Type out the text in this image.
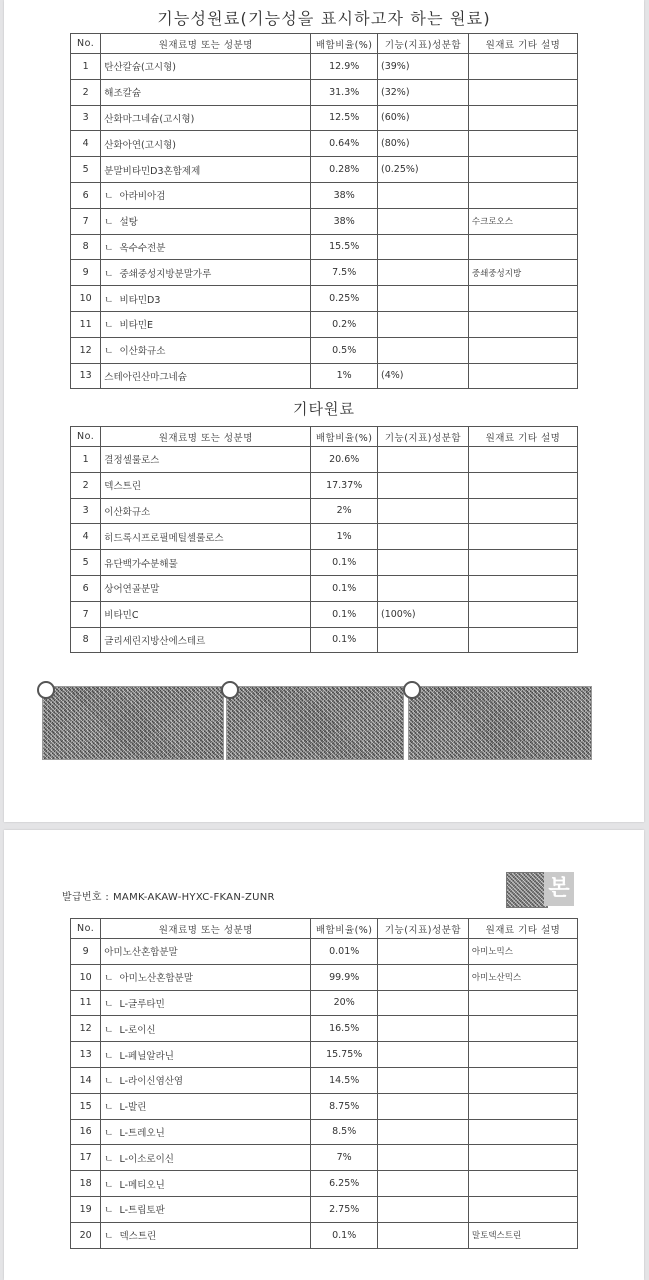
기능성원료(기능성을 표시하고자 하는 원료)
No.	원재료명 또는 성분명	배합비율(%)	기능(지표)성분함	원재료 기타 설명
1	탄산칼슘(고시형)	12.9%	(39%)	
2	해조칼슘	31.3%	(32%)	
3	산화마그네슘(고시형)	12.5%	(60%)	
4	산화아연(고시형)	0.64%	(80%)	
5	분말비타민D3혼합제제	0.28%	(0.25%)	
6	ㄴ 아라비아검	38%		
7	ㄴ 설탕	38%		수크로오스
8	ㄴ 옥수수전분	15.5%		
9	ㄴ 중쇄중성지방분말가루	7.5%		중쇄중성지방
10	ㄴ 비타민D3	0.25%		
11	ㄴ 비타민E	0.2%		
12	ㄴ 이산화규소	0.5%		
13	스테아린산마그네슘	1%	(4%)	
기타원료
No.	원재료명 또는 성분명	배합비율(%)	기능(지표)성분함	원재료 기타 설명
1	결정셀룰로스	20.6%		
2	덱스트린	17.37%		
3	이산화규소	2%		
4	히드록시프로필메틸셀룰로스	1%		
5	유단백가수분해물	0.1%		
6	상어연골분말	0.1%		
7	비타민C	0.1%	(100%)	
8	글리세린지방산에스테르	0.1%		
발급번호 : MAMK-AKAW-HYXC-FKAN-ZUNR	본
No.	원재료명 또는 성분명	배합비율(%)	기능(지표)성분함	원재료 기타 설명
9	아미노산혼합분말	0.01%		아미노믹스
10	ㄴ 아미노산혼합분말	99.9%		아미노산믹스
11	ㄴ L-글루타민	20%		
12	ㄴ L-로이신	16.5%		
13	ㄴ L-페닐알라닌	15.75%		
14	ㄴ L-라이신염산염	14.5%		
15	ㄴ L-발린	8.75%		
16	ㄴ L-트레오닌	8.5%		
17	ㄴ L-이소로이신	7%		
18	ㄴ L-메티오닌	6.25%		
19	ㄴ L-트립토판	2.75%		
20	ㄴ 덱스트린	0.1%		말토덱스트린
